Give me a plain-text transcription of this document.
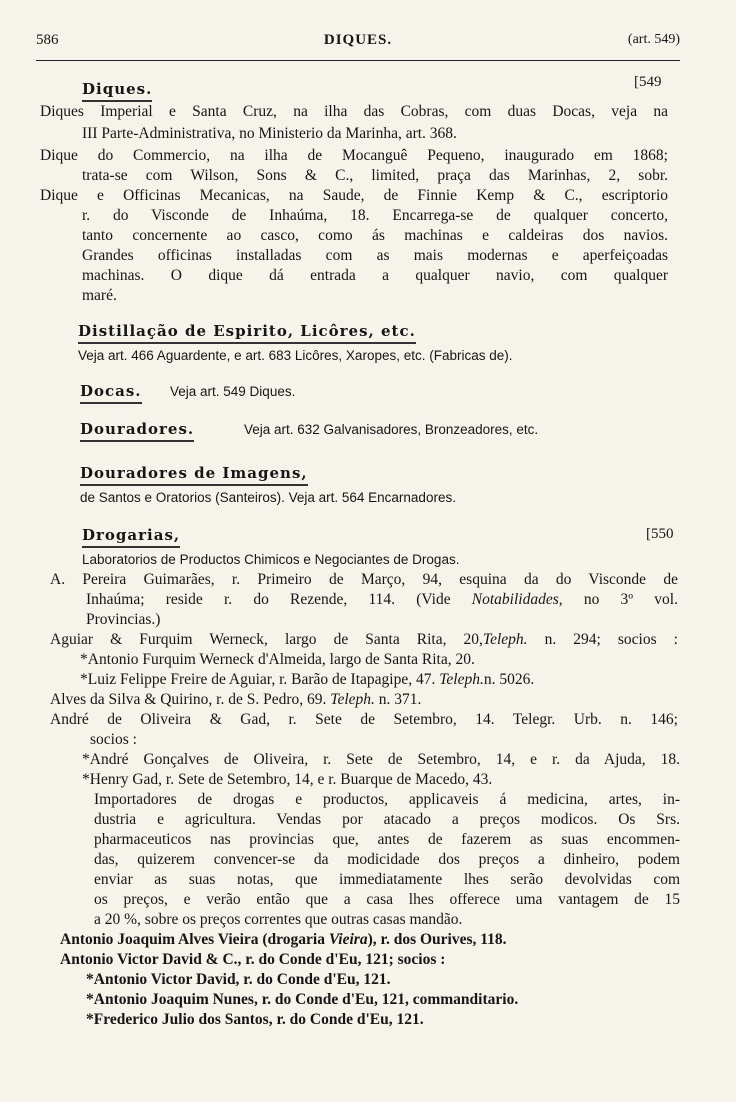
586	DIQUES.	(art. 549)
Diques.	[549
Diques Imperial e Santa Cruz, na ilha das Cobras, com duas Docas, veja na
III Parte-Administrativa, no Ministerio da Marinha, art. 368.
Dique do Commercio, na ilha de Mocanguê Pequeno, inaugurado em 1868;
trata-se com Wilson, Sons & C., limited, praça das Marinhas, 2, sobr.
Dique e Officinas Mecanicas, na Saude, de Finnie Kemp & C., escriptorio
r. do Visconde de Inhaúma, 18. Encarrega-se de qualquer concerto,
tanto concernente ao casco, como ás machinas e caldeiras dos navios.
Grandes officinas installadas com as mais modernas e aperfeiçoadas
machinas. O dique dá entrada a qualquer navio, com qualquer
maré.
Distillação de Espirito, Licôres, etc.
Veja art. 466 Aguardente, e art. 683 Licôres, Xaropes, etc. (Fabricas de).
Docas. Veja art. 549 Diques.
Douradores.	Veja art. 632 Galvanisadores, Bronzeadores, etc.
Douradores de Imagens,
de Santos e Oratorios (Santeiros). Veja art. 564 Encarnadores.
Drogarias,	[550
Laboratorios de Productos Chimicos e Negociantes de Drogas.
A. Pereira Guimarães, r. Primeiro de Março, 94, esquina da do Visconde de
Inhaúma; reside r. do Rezende, 114. (Vide Notabilidades, no 3º vol.
Provincias.)
Aguiar & Furquim Werneck, largo de Santa Rita, 20,Teleph. n. 294; socios :
*Antonio Furquim Werneck d'Almeida, largo de Santa Rita, 20.
*Luiz Felippe Freire de Aguiar, r. Barão de Itapagipe, 47. Teleph.n. 5026.
Alves da Silva & Quirino, r. de S. Pedro, 69. Teleph. n. 371.
André de Oliveira & Gad, r. Sete de Setembro, 14. Telegr. Urb. n. 146;
socios :
*André Gonçalves de Oliveira, r. Sete de Setembro, 14, e r. da Ajuda, 18.
*Henry Gad, r. Sete de Setembro, 14, e r. Buarque de Macedo, 43.
Importadores de drogas e productos, applicaveis á medicina, artes, in-
dustria e agricultura. Vendas por atacado a preços modicos. Os Srs.
pharmaceuticos nas provincias que, antes de fazerem as suas encommen-
das, quizerem convencer-se da modicidade dos preços a dinheiro, podem
enviar as suas notas, que immediatamente lhes serão devolvidas com
os preços, e verão então que a casa lhes offerece uma vantagem de 15
a 20 %, sobre os preços correntes que outras casas mandão.
Antonio Joaquim Alves Vieira (drogaria Vieira), r. dos Ourives, 118.
Antonio Victor David & C., r. do Conde d'Eu, 121; socios :
*Antonio Victor David, r. do Conde d'Eu, 121.
*Antonio Joaquim Nunes, r. do Conde d'Eu, 121, commanditario.
*Frederico Julio dos Santos, r. do Conde d'Eu, 121.
